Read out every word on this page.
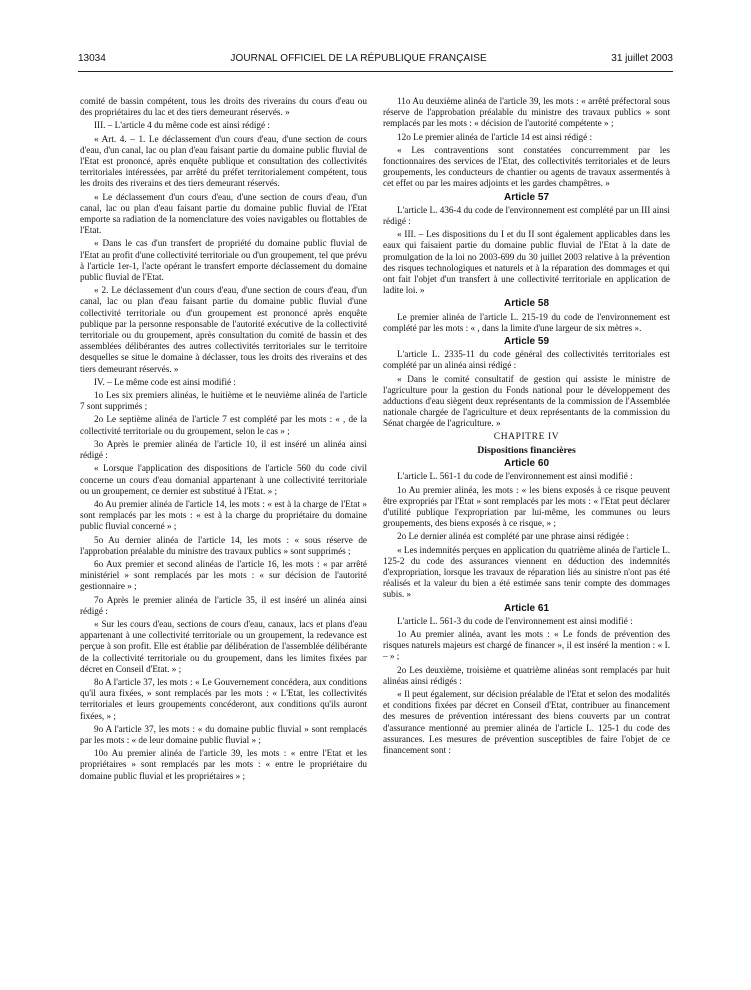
13034	JOURNAL OFFICIEL DE LA RÉPUBLIQUE FRANÇAISE	31 juillet 2003

comité de bassin compétent, tous les droits des riverains du cours d'eau ou des propriétaires du lac et des tiers demeurant réservés. »

III. – L'article 4 du même code est ainsi rédigé :

« Art. 4. – 1. Le déclassement d'un cours d'eau, d'une section de cours d'eau, d'un canal, lac ou plan d'eau faisant partie du domaine public fluvial de l'Etat est prononcé, après enquête publique et consultation des collectivités territoriales intéressées, par arrêté du préfet territorialement compétent, tous les droits des riverains et des tiers demeurant réservés.

« Le déclassement d'un cours d'eau, d'une section de cours d'eau, d'un canal, lac ou plan d'eau faisant partie du domaine public fluvial de l'Etat emporte sa radiation de la nomenclature des voies navigables ou flottables de l'Etat.

« Dans le cas d'un transfert de propriété du domaine public fluvial de l'Etat au profit d'une collectivité territoriale ou d'un groupement, tel que prévu à l'article 1er-1, l'acte opérant le transfert emporte déclassement du domaine public fluvial de l'Etat.

« 2. Le déclassement d'un cours d'eau, d'une section de cours d'eau, d'un canal, lac ou plan d'eau faisant partie du domaine public fluvial d'une collectivité territoriale ou d'un groupement est prononcé après enquête publique par la personne responsable de l'autorité exécutive de la collectivité territoriale ou du groupement, après consultation du comité de bassin et des assemblées délibérantes des autres collectivités territoriales sur le territoire desquelles se situe le domaine à déclasser, tous les droits des riverains et des tiers demeurant réservés. »

IV. – Le même code est ainsi modifié :

1o Les six premiers alinéas, le huitième et le neuvième alinéa de l'article 7 sont supprimés ;

2o Le septième alinéa de l'article 7 est complété par les mots : « , de la collectivité territoriale ou du groupement, selon le cas » ;

3o Après le premier alinéa de l'article 10, il est inséré un alinéa ainsi rédigé :

« Lorsque l'application des dispositions de l'article 560 du code civil concerne un cours d'eau domanial appartenant à une collectivité territoriale ou un groupement, ce dernier est substitué à l'Etat. » ;

4o Au premier alinéa de l'article 14, les mots : « est à la charge de l'Etat » sont remplacés par les mots : « est à la charge du propriétaire du domaine public fluvial concerné » ;

5o Au dernier alinéa de l'article 14, les mots : « sous réserve de l'approbation préalable du ministre des travaux publics » sont supprimés ;

6o Aux premier et second alinéas de l'article 16, les mots : « par arrêté ministériel » sont remplacés par les mots : « sur décision de l'autorité gestionnaire » ;

7o Après le premier alinéa de l'article 35, il est inséré un alinéa ainsi rédigé :

« Sur les cours d'eau, sections de cours d'eau, canaux, lacs et plans d'eau appartenant à une collectivité territoriale ou un groupement, la redevance est perçue à son profit. Elle est établie par délibération de l'assemblée délibérante de la collectivité territoriale ou du groupement, dans les limites fixées par décret en Conseil d'Etat. » ;

8o A l'article 37, les mots : « Le Gouvernement concédera, aux conditions qu'il aura fixées, » sont remplacés par les mots : « L'Etat, les collectivités territoriales et leurs groupements concéderont, aux conditions qu'ils auront fixées, » ;

9o A l'article 37, les mots : « du domaine public fluvial » sont remplacés par les mots : « de leur domaine public fluvial » ;

10o Au premier alinéa de l'article 39, les mots : « entre l'Etat et les propriétaires » sont remplacés par les mots : « entre le propriétaire du domaine public fluvial et les propriétaires » ;

11o Au deuxième alinéa de l'article 39, les mots : « arrêté préfectoral sous réserve de l'approbation préalable du ministre des travaux publics » sont remplacés par les mots : « décision de l'autorité compétente » ;

12o Le premier alinéa de l'article 14 est ainsi rédigé :

« Les contraventions sont constatées concurremment par les fonctionnaires des services de l'Etat, des collectivités territoriales et de leurs groupements, les conducteurs de chantier ou agents de travaux assermentés à cet effet ou par les maires adjoints et les gardes champêtres. »

Article 57

L'article L. 436-4 du code de l'environnement est complété par un III ainsi rédigé :

« III. – Les dispositions du I et du II sont également applicables dans les eaux qui faisaient partie du domaine public fluvial de l'Etat à la date de promulgation de la loi no 2003-699 du 30 juillet 2003 relative à la prévention des risques technologiques et naturels et à la réparation des dommages et qui ont fait l'objet d'un transfert à une collectivité territoriale en application de ladite loi. »

Article 58

Le premier alinéa de l'article L. 215-19 du code de l'environnement est complété par les mots : « , dans la limite d'une largeur de six mètres ».

Article 59

L'article L. 2335-11 du code général des collectivités territoriales est complété par un alinéa ainsi rédigé :

« Dans le comité consultatif de gestion qui assiste le ministre de l'agriculture pour la gestion du Fonds national pour le développement des adductions d'eau siègent deux représentants de la commission de l'Assemblée nationale chargée de l'agriculture et deux représentants de la commission du Sénat chargée de l'agriculture. »

CHAPITRE IV

Dispositions financières

Article 60

L'article L. 561-1 du code de l'environnement est ainsi modifié :

1o Au premier alinéa, les mots : « les biens exposés à ce risque peuvent être expropriés par l'Etat » sont remplacés par les mots : « l'Etat peut déclarer d'utilité publique l'expropriation par lui-même, les communes ou leurs groupements, des biens exposés à ce risque, » ;

2o Le dernier alinéa est complété par une phrase ainsi rédigée :

« Les indemnités perçues en application du quatrième alinéa de l'article L. 125-2 du code des assurances viennent en déduction des indemnités d'expropriation, lorsque les travaux de réparation liés au sinistre n'ont pas été réalisés et la valeur du bien a été estimée sans tenir compte des dommages subis. »

Article 61

L'article L. 561-3 du code de l'environnement est ainsi modifié :

1o Au premier alinéa, avant les mots : « Le fonds de prévention des risques naturels majeurs est chargé de financer », il est inséré la mention : « I. – » ;

2o Les deuxième, troisième et quatrième alinéas sont remplacés par huit alinéas ainsi rédigés :

« Il peut également, sur décision préalable de l'Etat et selon des modalités et conditions fixées par décret en Conseil d'Etat, contribuer au financement des mesures de prévention intéressant des biens couverts par un contrat d'assurance mentionné au premier alinéa de l'article L. 125-1 du code des assurances. Les mesures de prévention susceptibles de faire l'objet de ce financement sont :
